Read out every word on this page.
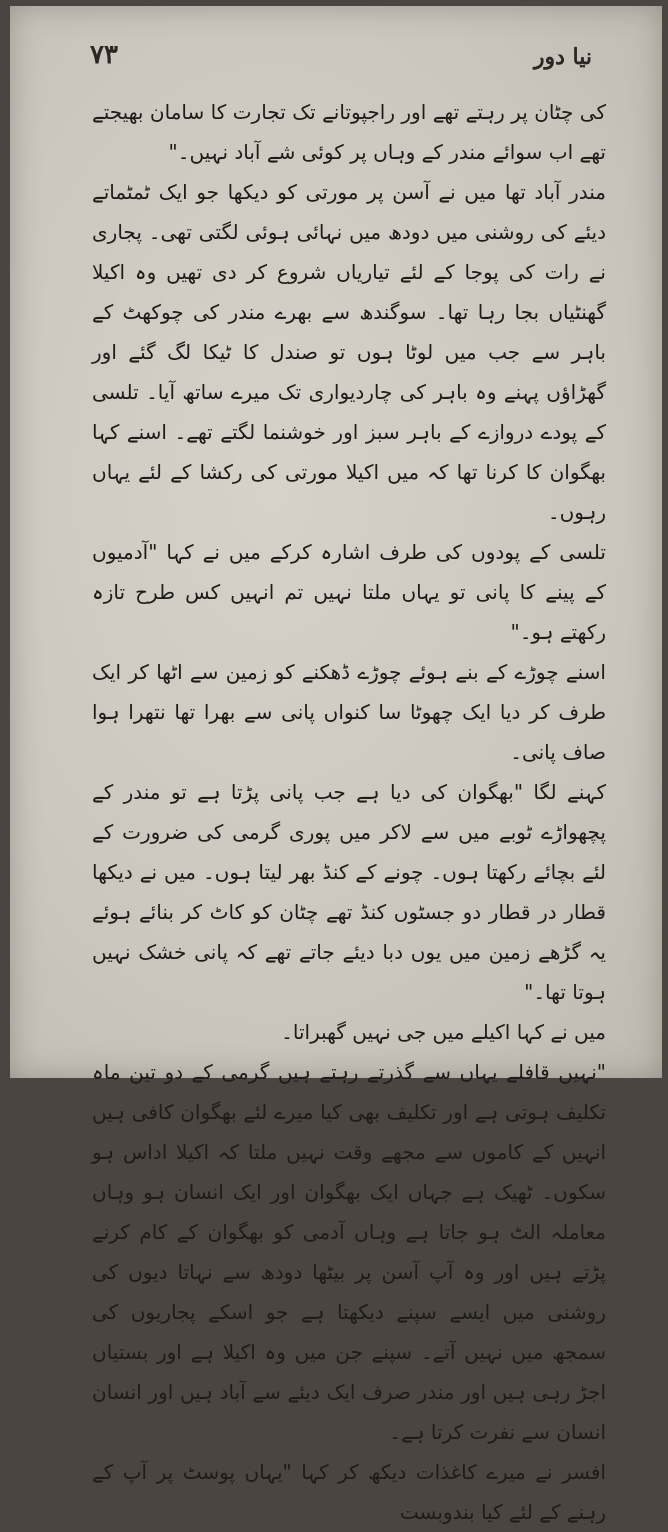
نیا دور
۷۳

کی چٹان پر رہتے تھے اور راجپوتانے تک تجارت کا سامان بھیجتے تھے اب سوائے مندر کے وہاں پر کوئی شے آباد نہیں۔"

مندر آباد تھا میں نے آسن پر مورتی کو دیکھا جو ایک ٹمٹماتے دیئے کی روشنی میں دودھ میں نہائی ہوئی لگتی تھی۔ پجاری نے رات کی پوجا کے لئے تیاریاں شروع کر دی تھیں وہ اکیلا گھنٹیاں بجا رہا تھا۔ سوگندھ سے بھرے مندر کی چوکھٹ کے باہر سے جب میں لوٹا ہوں تو صندل کا ٹیکا لگ گئے اور گھڑاؤں پہنے وہ باہر کی چاردیواری تک میرے ساتھ آیا۔ تلسی کے پودے دروازے کے باہر سبز اور خوشنما لگتے تھے۔ اسنے کہا بھگوان کا کرنا تھا کہ میں اکیلا مورتی کی رکشا کے لئے یہاں رہوں۔

تلسی کے پودوں کی طرف اشارہ کرکے میں نے کہا "آدمیوں کے پینے کا پانی تو یہاں ملتا نہیں تم انہیں کس طرح تازہ رکھتے ہو۔"

اسنے چوڑے کے بنے ہوئے چوڑے ڈھکنے کو زمین سے اٹھا کر ایک طرف کر دیا ایک چھوٹا سا کنواں پانی سے بھرا تھا نتھرا ہوا صاف پانی۔

کہنے لگا "بھگوان کی دیا ہے جب پانی پڑتا ہے تو مندر کے پچھواڑے ٹوبے میں سے لاکر میں پوری گرمی کی ضرورت کے لئے بچائے رکھتا ہوں۔ چونے کے کنڈ بھر لیتا ہوں۔ میں نے دیکھا قطار در قطار دو جسٹوں کنڈ تھے چٹان کو کاٹ کر بنائے ہوئے یہ گڑھے زمین میں یوں دبا دیئے جاتے تھے کہ پانی خشک نہیں ہوتا تھا۔"

میں نے کہا اکیلے میں جی نہیں گھبراتا۔

"نہیں قافلے یہاں سے گذرتے رہتے ہیں گرمی کے دو تین ماہ تکلیف ہوتی ہے اور تکلیف بھی کیا میرے لئے بھگوان کافی ہیں انہیں کے کاموں سے مجھے وقت نہیں ملتا کہ اکیلا اداس ہو سکوں۔ ٹھیک ہے جہاں ایک بھگوان اور ایک انسان ہو وہاں معاملہ الٹ ہو جاتا ہے وہاں آدمی کو بھگوان کے کام کرنے پڑتے ہیں اور وہ آپ آسن پر بیٹھا دودھ سے نہاتا دیوں کی روشنی میں ایسے سپنے دیکھتا ہے جو اسکے پجاریوں کی سمجھ میں نہیں آتے۔ سپنے جن میں وہ اکیلا ہے اور بستیاں اجڑ رہی ہیں اور مندر صرف ایک دیئے سے آباد ہیں اور انسان انسان سے نفرت کرتا ہے۔

افسر نے میرے کاغذات دیکھ کر کہا "یہاں پوسٹ پر آپ کے رہنے کے لئے کیا بندوبست
